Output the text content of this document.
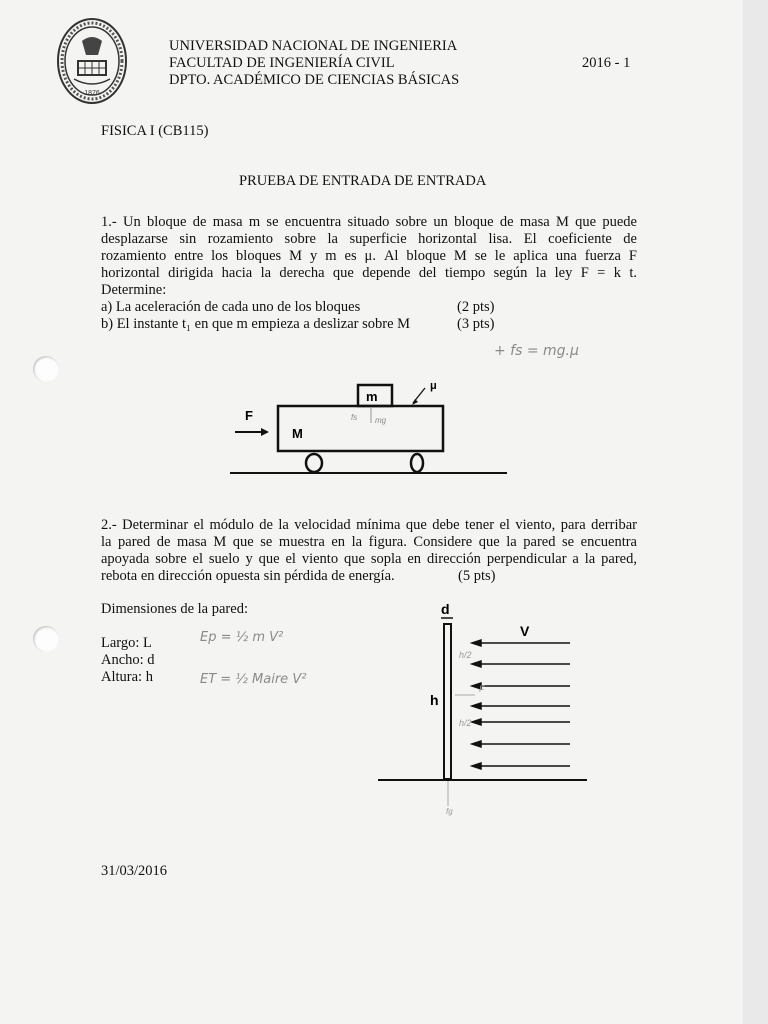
1876
UNIVERSIDAD NACIONAL DE INGENIERIA
FACULTAD DE INGENIERÍA CIVIL
DPTO. ACADÉMICO DE CIENCIAS BÁSICAS
2016 - 1
FISICA I (CB115)
PRUEBA DE ENTRADA DE ENTRADA
1.- Un bloque de masa m se encuentra situado sobre un bloque de masa M que puede
desplazarse sin rozamiento sobre la superficie horizontal lisa. El coeficiente de
rozamiento entre los bloques M y m es μ. Al bloque M se le aplica una fuerza F
horizontal dirigida hacia la derecha que depende del tiempo según la ley F = k t.
Determine:
a) La aceleración de cada uno de los bloques	(2 pts)
b) El instante t₁ en que m empieza a deslizar sobre M	(3 pts)
+ fs = mg.μ
F
M
m
μ
fs mg
2.- Determinar el módulo de la velocidad mínima que debe tener el viento, para derribar
la pared de masa M que se muestra en la figura. Considere que la pared se encuentra
apoyada sobre el suelo y que el viento que sopla en dirección perpendicular a la pared,
rebota en dirección opuesta sin pérdida de energía.	(5 pts)
Dimensiones de la pared:
Largo: L
Ancho: d
Altura: h
Ep = ½ m V²
ET = ½ Maire V²
d
h
V
h/2
h/2
F
fg
31/03/2016
